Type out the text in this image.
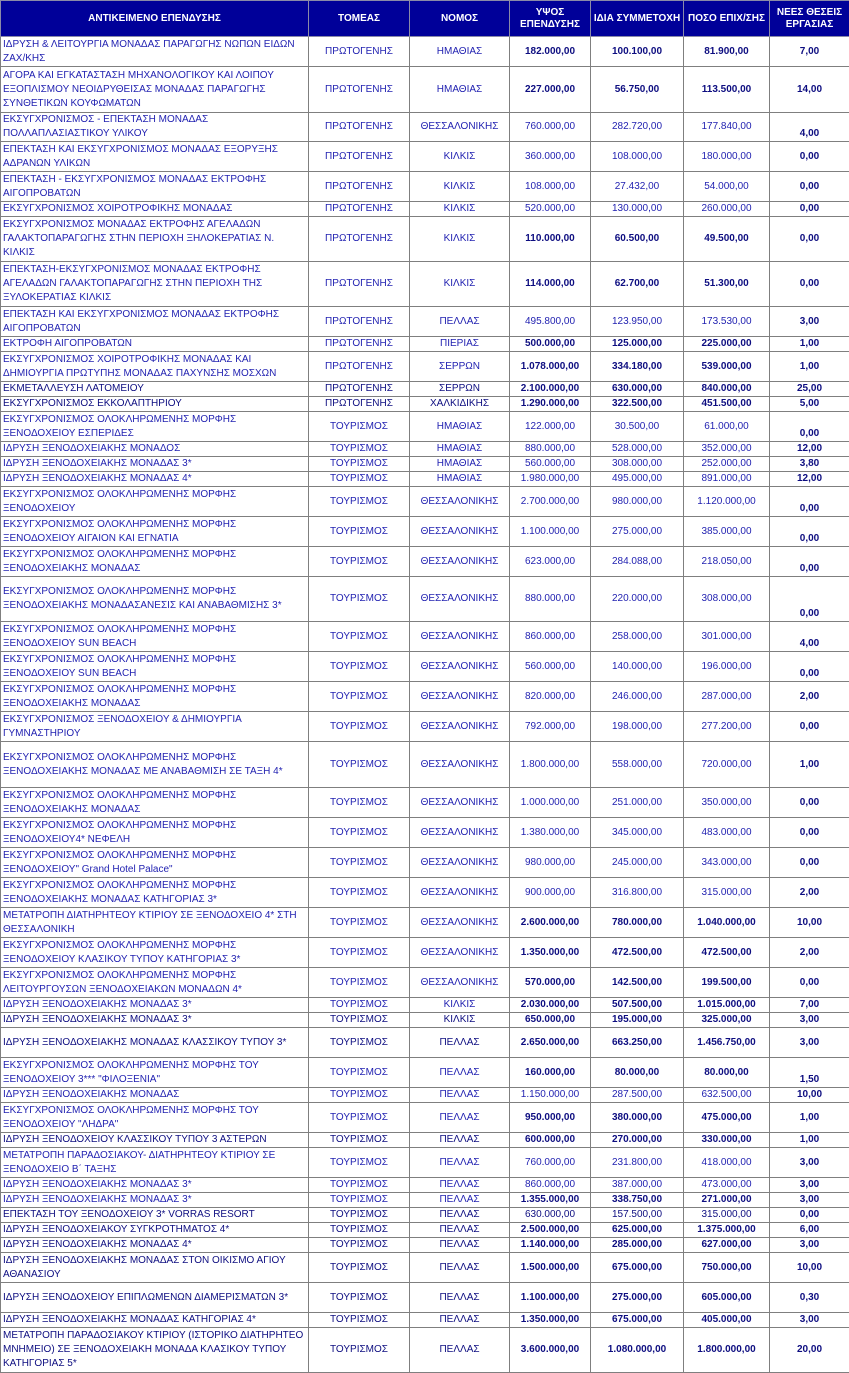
ΑΝΤΙΚΕΙΜΕΝΟ ΕΠΕΝΔΥΣΗΣ	ΤΟΜΕΑΣ	ΝΟΜΟΣ	ΥΨΟΣ ΕΠΕΝΔΥΣΗΣ	ΙΔΙΑ ΣΥΜΜΕΤΟΧΗ	ΠΟΣΟ ΕΠΙΧ/ΣΗΣ	ΝΕΕΣ ΘΕΣΕΙΣ ΕΡΓΑΣΙΑΣ
ΙΔΡΥΣΗ & ΛΕΙΤΟΥΡΓΙΑ ΜΟΝΑΔΑΣ ΠΑΡΑΓΩΓΗΣ ΝΩΠΩΝ ΕΙΔΩΝ ΖΑΧ/ΚΗΣ	ΠΡΩΤΟΓΕΝΗΣ	ΗΜΑΘΙΑΣ	182.000,00	100.100,00	81.900,00	7,00
ΑΓΟΡΑ ΚΑΙ ΕΓΚΑΤΑΣΤΑΣΗ ΜΗΧΑΝΟΛΟΓΙΚΟΥ ΚΑΙ ΛΟΙΠΟΥ ΕΞΟΠΛΙΣΜΟΥ ΝΕΟΙΔΡΥΘΕΙΣΑΣ ΜΟΝΑΔΑΣ ΠΑΡΑΓΩΓΗΣ ΣΥΝΘΕΤΙΚΩΝ ΚΟΥΦΩΜΑΤΩΝ	ΠΡΩΤΟΓΕΝΗΣ	ΗΜΑΘΙΑΣ	227.000,00	56.750,00	113.500,00	14,00
ΕΚΣΥΓΧΡΟΝΙΣΜΟΣ - ΕΠΕΚΤΑΣΗ ΜΟΝΑΔΑΣ ΠΟΛΛΑΠΛΑΣΙΑΣΤΙΚΟΥ ΥΛΙΚΟΥ	ΠΡΩΤΟΓΕΝΗΣ	ΘΕΣΣΑΛΟΝΙΚΗΣ	760.000,00	282.720,00	177.840,00	4,00
ΕΠΕΚΤΑΣΗ ΚΑΙ ΕΚΣΥΓΧΡΟΝΙΣΜΟΣ ΜΟΝΑΔΑΣ ΕΞΟΡΥΞΗΣ ΑΔΡΑΝΩΝ ΥΛΙΚΩΝ	ΠΡΩΤΟΓΕΝΗΣ	ΚΙΛΚΙΣ	360.000,00	108.000,00	180.000,00	0,00
ΕΠΕΚΤΑΣΗ - ΕΚΣΥΓΧΡΟΝΙΣΜΟΣ ΜΟΝΑΔΑΣ ΕΚΤΡΟΦΗΣ ΑΙΓΟΠΡΟΒΑΤΩΝ	ΠΡΩΤΟΓΕΝΗΣ	ΚΙΛΚΙΣ	108.000,00	27.432,00	54.000,00	0,00
ΕΚΣΥΓΧΡΟΝΙΣΜΟΣ ΧΟΙΡΟΤΡΟΦΙΚΗΣ ΜΟΝΑΔΑΣ	ΠΡΩΤΟΓΕΝΗΣ	ΚΙΛΚΙΣ	520.000,00	130.000,00	260.000,00	0,00
ΕΚΣΥΓΧΡΟΝΙΣΜΟΣ ΜΟΝΑΔΑΣ ΕΚΤΡΟΦΗΣ ΑΓΕΛΑΔΩΝ ΓΑΛΑΚΤΟΠΑΡΑΓΩΓΗΣ ΣΤΗΝ ΠΕΡΙΟΧΗ ΞΗΛΟΚΕΡΑΤΙΑΣ Ν. ΚΙΛΚΙΣ	ΠΡΩΤΟΓΕΝΗΣ	ΚΙΛΚΙΣ	110.000,00	60.500,00	49.500,00	0,00
ΕΠΕΚΤΑΣΗ-ΕΚΣΥΓΧΡΟΝΙΣΜΟΣ ΜΟΝΑΔΑΣ ΕΚΤΡΟΦΗΣ ΑΓΕΛΑΔΩΝ ΓΑΛΑΚΤΟΠΑΡΑΓΩΓΗΣ ΣΤΗΝ ΠΕΡΙΟΧΗ ΤΗΣ ΞΥΛΟΚΕΡΑΤΙΑΣ ΚΙΛΚΙΣ	ΠΡΩΤΟΓΕΝΗΣ	ΚΙΛΚΙΣ	114.000,00	62.700,00	51.300,00	0,00
ΕΠΕΚΤΑΣΗ ΚΑΙ ΕΚΣΥΓΧΡΟΝΙΣΜΟΣ ΜΟΝΑΔΑΣ ΕΚΤΡΟΦΗΣ ΑΙΓΟΠΡΟΒΑΤΩΝ	ΠΡΩΤΟΓΕΝΗΣ	ΠΕΛΛΑΣ	495.800,00	123.950,00	173.530,00	3,00
ΕΚΤΡΟΦΗ ΑΙΓΟΠΡΟΒΑΤΩΝ	ΠΡΩΤΟΓΕΝΗΣ	ΠΙΕΡΙΑΣ	500.000,00	125.000,00	225.000,00	1,00
ΕΚΣΥΓΧΡΟΝΙΣΜΟΣ ΧΟΙΡΟΤΡΟΦΙΚΗΣ ΜΟΝΑΔΑΣ ΚΑΙ ΔΗΜΙΟΥΡΓΙΑ ΠΡΩΤΥΠΗΣ ΜΟΝΑΔΑΣ ΠΑΧΥΝΣΗΣ ΜΟΣΧΩΝ	ΠΡΩΤΟΓΕΝΗΣ	ΣΕΡΡΩΝ	1.078.000,00	334.180,00	539.000,00	1,00
ΕΚΜΕΤΑΛΛΕΥΣΗ ΛΑΤΟΜΕΙΟΥ	ΠΡΩΤΟΓΕΝΗΣ	ΣΕΡΡΩΝ	2.100.000,00	630.000,00	840.000,00	25,00
ΕΚΣΥΓΧΡΟΝΙΣΜΟΣ ΕΚΚΟΛΑΠΤΗΡΙΟΥ	ΠΡΩΤΟΓΕΝΗΣ	ΧΑΛΚΙΔΙΚΗΣ	1.290.000,00	322.500,00	451.500,00	5,00
ΕΚΣΥΓΧΡΟΝΙΣΜΟΣ ΟΛΟΚΛΗΡΩΜΕΝΗΣ ΜΟΡΦΗΣ ΞΕΝΟΔΟΧΕΙΟΥ ΕΣΠΕΡΙΔΕΣ	ΤΟΥΡΙΣΜΟΣ	ΗΜΑΘΙΑΣ	122.000,00	30.500,00	61.000,00	0,00
ΙΔΡΥΣΗ ΞΕΝΟΔΟΧΕΙΑΚΗΣ ΜΟΝΑΔΟΣ	ΤΟΥΡΙΣΜΟΣ	ΗΜΑΘΙΑΣ	880.000,00	528.000,00	352.000,00	12,00
ΙΔΡΥΣΗ ΞΕΝΟΔΟΧΕΙΑΚΗΣ ΜΟΝΑΔΑΣ 3*	ΤΟΥΡΙΣΜΟΣ	ΗΜΑΘΙΑΣ	560.000,00	308.000,00	252.000,00	3,80
ΙΔΡΥΣΗ ΞΕΝΟΔΟΧΕΙΑΚΗΣ ΜΟΝΑΔΑΣ 4*	ΤΟΥΡΙΣΜΟΣ	ΗΜΑΘΙΑΣ	1.980.000,00	495.000,00	891.000,00	12,00
ΕΚΣΥΓΧΡΟΝΙΣΜΟΣ ΟΛΟΚΛΗΡΩΜΕΝΗΣ ΜΟΡΦΗΣ ΞΕΝΟΔΟΧΕΙΟΥ	ΤΟΥΡΙΣΜΟΣ	ΘΕΣΣΑΛΟΝΙΚΗΣ	2.700.000,00	980.000,00	1.120.000,00	0,00
ΕΚΣΥΓΧΡΟΝΙΣΜΟΣ ΟΛΟΚΛΗΡΩΜΕΝΗΣ ΜΟΡΦΗΣ ΞΕΝΟΔΟΧΕΙΟΥ ΑΙΓΑΙΟΝ ΚΑΙ ΕΓΝΑΤΙΑ	ΤΟΥΡΙΣΜΟΣ	ΘΕΣΣΑΛΟΝΙΚΗΣ	1.100.000,00	275.000,00	385.000,00	0,00
ΕΚΣΥΓΧΡΟΝΙΣΜΟΣ ΟΛΟΚΛΗΡΩΜΕΝΗΣ ΜΟΡΦΗΣ ΞΕΝΟΔΟΧΕΙΑΚΗΣ ΜΟΝΑΔΑΣ	ΤΟΥΡΙΣΜΟΣ	ΘΕΣΣΑΛΟΝΙΚΗΣ	623.000,00	284.088,00	218.050,00	0,00
ΕΚΣΥΓΧΡΟΝΙΣΜΟΣ ΟΛΟΚΛΗΡΩΜΕΝΗΣ ΜΟΡΦΗΣ ΞΕΝΟΔΟΧΕΙΑΚΗΣ ΜΟΝΑΔΑΣΑΝΕΣΙΣ ΚΑΙ ΑΝΑΒΑΘΜΙΣΗΣ 3*	ΤΟΥΡΙΣΜΟΣ	ΘΕΣΣΑΛΟΝΙΚΗΣ	880.000,00	220.000,00	308.000,00	0,00
ΕΚΣΥΓΧΡΟΝΙΣΜΟΣ ΟΛΟΚΛΗΡΩΜΕΝΗΣ ΜΟΡΦΗΣ ΞΕΝΟΔΟΧΕΙΟΥ SUN BEACH	ΤΟΥΡΙΣΜΟΣ	ΘΕΣΣΑΛΟΝΙΚΗΣ	860.000,00	258.000,00	301.000,00	4,00
ΕΚΣΥΓΧΡΟΝΙΣΜΟΣ ΟΛΟΚΛΗΡΩΜΕΝΗΣ ΜΟΡΦΗΣ ΞΕΝΟΔΟΧΕΙΟΥ SUN BEACH	ΤΟΥΡΙΣΜΟΣ	ΘΕΣΣΑΛΟΝΙΚΗΣ	560.000,00	140.000,00	196.000,00	0,00
ΕΚΣΥΓΧΡΟΝΙΣΜΟΣ ΟΛΟΚΛΗΡΩΜΕΝΗΣ ΜΟΡΦΗΣ ΞΕΝΟΔΟΧΕΙΑΚΗΣ ΜΟΝΑΔΑΣ	ΤΟΥΡΙΣΜΟΣ	ΘΕΣΣΑΛΟΝΙΚΗΣ	820.000,00	246.000,00	287.000,00	2,00
ΕΚΣΥΓΧΡΟΝΙΣΜΟΣ ΞΕΝΟΔΟΧΕΙΟΥ & ΔΗΜΙΟΥΡΓΙΑ ΓΥΜΝΑΣΤΗΡΙΟΥ	ΤΟΥΡΙΣΜΟΣ	ΘΕΣΣΑΛΟΝΙΚΗΣ	792.000,00	198.000,00	277.200,00	0,00
ΕΚΣΥΓΧΡΟΝΙΣΜΟΣ ΟΛΟΚΛΗΡΩΜΕΝΗΣ ΜΟΡΦΗΣ ΞΕΝΟΔΟΧΕΙΑΚΗΣ ΜΟΝΑΔΑΣ ΜΕ ΑΝΑΒΑΘΜΙΣΗ ΣΕ ΤΑΞΗ 4*	ΤΟΥΡΙΣΜΟΣ	ΘΕΣΣΑΛΟΝΙΚΗΣ	1.800.000,00	558.000,00	720.000,00	1,00
ΕΚΣΥΓΧΡΟΝΙΣΜΟΣ ΟΛΟΚΛΗΡΩΜΕΝΗΣ ΜΟΡΦΗΣ ΞΕΝΟΔΟΧΕΙΑΚΗΣ ΜΟΝΑΔΑΣ	ΤΟΥΡΙΣΜΟΣ	ΘΕΣΣΑΛΟΝΙΚΗΣ	1.000.000,00	251.000,00	350.000,00	0,00
ΕΚΣΥΓΧΡΟΝΙΣΜΟΣ ΟΛΟΚΛΗΡΩΜΕΝΗΣ ΜΟΡΦΗΣ ΞΕΝΟΔΟΧΕΙΟΥ4* ΝΕΦΕΛΗ	ΤΟΥΡΙΣΜΟΣ	ΘΕΣΣΑΛΟΝΙΚΗΣ	1.380.000,00	345.000,00	483.000,00	0,00
ΕΚΣΥΓΧΡΟΝΙΣΜΟΣ ΟΛΟΚΛΗΡΩΜΕΝΗΣ ΜΟΡΦΗΣ ΞΕΝΟΔΟΧΕΙΟΥ" Grand Hotel Palace"	ΤΟΥΡΙΣΜΟΣ	ΘΕΣΣΑΛΟΝΙΚΗΣ	980.000,00	245.000,00	343.000,00	0,00
ΕΚΣΥΓΧΡΟΝΙΣΜΟΣ ΟΛΟΚΛΗΡΩΜΕΝΗΣ ΜΟΡΦΗΣ ΞΕΝΟΔΟΧΕΙΑΚΗΣ ΜΟΝΑΔΑΣ ΚΑΤΗΓΟΡΙΑΣ 3*	ΤΟΥΡΙΣΜΟΣ	ΘΕΣΣΑΛΟΝΙΚΗΣ	900.000,00	316.800,00	315.000,00	2,00
ΜΕΤΑΤΡΟΠΗ ΔΙΑΤΗΡΗΤΕΟΥ ΚΤΙΡΙΟΥ ΣΕ ΞΕΝΟΔΟΧΕΙΟ 4* ΣΤΗ ΘΕΣΣΑΛΟΝΙΚΗ	ΤΟΥΡΙΣΜΟΣ	ΘΕΣΣΑΛΟΝΙΚΗΣ	2.600.000,00	780.000,00	1.040.000,00	10,00
ΕΚΣΥΓΧΡΟΝΙΣΜΟΣ ΟΛΟΚΛΗΡΩΜΕΝΗΣ ΜΟΡΦΗΣ ΞΕΝΟΔΟΧΕΙΟΥ ΚΛΑΣΙΚΟΥ ΤΥΠΟΥ ΚΑΤΗΓΟΡΙΑΣ 3*	ΤΟΥΡΙΣΜΟΣ	ΘΕΣΣΑΛΟΝΙΚΗΣ	1.350.000,00	472.500,00	472.500,00	2,00
ΕΚΣΥΓΧΡΟΝΙΣΜΟΣ ΟΛΟΚΛΗΡΩΜΕΝΗΣ ΜΟΡΦΗΣ ΛΕΙΤΟΥΡΓΟΥΣΩΝ ΞΕΝΟΔΟΧΕΙΑΚΩΝ ΜΟΝΑΔΩΝ 4*	ΤΟΥΡΙΣΜΟΣ	ΘΕΣΣΑΛΟΝΙΚΗΣ	570.000,00	142.500,00	199.500,00	0,00
ΙΔΡΥΣΗ ΞΕΝΟΔΟΧΕΙΑΚΗΣ ΜΟΝΑΔΑΣ 3*	ΤΟΥΡΙΣΜΟΣ	ΚΙΛΚΙΣ	2.030.000,00	507.500,00	1.015.000,00	7,00
ΙΔΡΥΣΗ ΞΕΝΟΔΟΧΕΙΑΚΗΣ ΜΟΝΑΔΑΣ 3*	ΤΟΥΡΙΣΜΟΣ	ΚΙΛΚΙΣ	650.000,00	195.000,00	325.000,00	3,00
ΙΔΡΥΣΗ ΞΕΝΟΔΟΧΕΙΑΚΗΣ ΜΟΝΑΔΑΣ ΚΛΑΣΣΙΚΟΥ ΤΥΠΟΥ 3*	ΤΟΥΡΙΣΜΟΣ	ΠΕΛΛΑΣ	2.650.000,00	663.250,00	1.456.750,00	3,00
ΕΚΣΥΓΧΡΟΝΙΣΜΟΣ ΟΛΟΚΛΗΡΩΜΕΝΗΣ ΜΟΡΦΗΣ ΤΟΥ ΞΕΝΟΔΟΧΕΙΟΥ 3*** "ΦΙΛΟΞΕΝΙΑ"	ΤΟΥΡΙΣΜΟΣ	ΠΕΛΛΑΣ	160.000,00	80.000,00	80.000,00	1,50
ΙΔΡΥΣΗ ΞΕΝΟΔΟΧΕΙΑΚΗΣ ΜΟΝΑΔΑΣ	ΤΟΥΡΙΣΜΟΣ	ΠΕΛΛΑΣ	1.150.000,00	287.500,00	632.500,00	10,00
ΕΚΣΥΓΧΡΟΝΙΣΜΟΣ ΟΛΟΚΛΗΡΩΜΕΝΗΣ ΜΟΡΦΗΣ ΤΟΥ ΞΕΝΟΔΟΧΕΙΟΥ "ΛΗΔΡΑ"	ΤΟΥΡΙΣΜΟΣ	ΠΕΛΛΑΣ	950.000,00	380.000,00	475.000,00	1,00
ΙΔΡΥΣΗ ΞΕΝΟΔΟΧΕΙΟΥ ΚΛΑΣΣΙΚΟΥ ΤΥΠΟΥ 3 ΑΣΤΕΡΩΝ	ΤΟΥΡΙΣΜΟΣ	ΠΕΛΛΑΣ	600.000,00	270.000,00	330.000,00	1,00
ΜΕΤΑΤΡΟΠΗ ΠΑΡΑΔΟΣΙΑΚΟΥ- ΔΙΑΤΗΡΗΤΕΟΥ ΚΤΙΡΙΟΥ ΣΕ ΞΕΝΟΔΟΧΕΙΟ Β΄ ΤΑΞΗΣ	ΤΟΥΡΙΣΜΟΣ	ΠΕΛΛΑΣ	760.000,00	231.800,00	418.000,00	3,00
ΙΔΡΥΣΗ ΞΕΝΟΔΟΧΕΙΑΚΗΣ ΜΟΝΑΔΑΣ 3*	ΤΟΥΡΙΣΜΟΣ	ΠΕΛΛΑΣ	860.000,00	387.000,00	473.000,00	3,00
ΙΔΡΥΣΗ ΞΕΝΟΔΟΧΕΙΑΚΗΣ ΜΟΝΑΔΑΣ 3*	ΤΟΥΡΙΣΜΟΣ	ΠΕΛΛΑΣ	1.355.000,00	338.750,00	271.000,00	3,00
ΕΠΕΚΤΑΣΗ ΤΟΥ ΞΕΝΟΔΟΧΕΙΟΥ 3* VORRAS RESORT	ΤΟΥΡΙΣΜΟΣ	ΠΕΛΛΑΣ	630.000,00	157.500,00	315.000,00	0,00
ΙΔΡΥΣΗ ΞΕΝΟΔΟΧΕΙΑΚΟΥ ΣΥΓΚΡΟΤΗΜΑΤΟΣ 4*	ΤΟΥΡΙΣΜΟΣ	ΠΕΛΛΑΣ	2.500.000,00	625.000,00	1.375.000,00	6,00
ΙΔΡΥΣΗ ΞΕΝΟΔΟΧΕΙΑΚΗΣ ΜΟΝΑΔΑΣ 4*	ΤΟΥΡΙΣΜΟΣ	ΠΕΛΛΑΣ	1.140.000,00	285.000,00	627.000,00	3,00
ΙΔΡΥΣΗ ΞΕΝΟΔΟΧΕΙΑΚΗΣ ΜΟΝΑΔΑΣ ΣΤΟΝ ΟΙΚΙΣΜΟ ΑΓΙΟΥ ΑΘΑΝΑΣΙΟΥ	ΤΟΥΡΙΣΜΟΣ	ΠΕΛΛΑΣ	1.500.000,00	675.000,00	750.000,00	10,00
ΙΔΡΥΣΗ ΞΕΝΟΔΟΧΕΙΟΥ ΕΠΙΠΛΩΜΕΝΩΝ ΔΙΑΜΕΡΙΣΜΑΤΩΝ 3*	ΤΟΥΡΙΣΜΟΣ	ΠΕΛΛΑΣ	1.100.000,00	275.000,00	605.000,00	0,30
ΙΔΡΥΣΗ ΞΕΝΟΔΟΧΕΙΑΚΗΣ ΜΟΝΑΔΑΣ ΚΑΤΗΓΟΡΙΑΣ 4*	ΤΟΥΡΙΣΜΟΣ	ΠΕΛΛΑΣ	1.350.000,00	675.000,00	405.000,00	3,00
ΜΕΤΑΤΡΟΠΗ ΠΑΡΑΔΟΣΙΑΚΟΥ ΚΤΙΡΙΟΥ (ΙΣΤΟΡΙΚΟ ΔΙΑΤΗΡΗΤΕΟ ΜΝΗΜΕΙΟ) ΣΕ ΞΕΝΟΔΟΧΕΙΑΚΗ ΜΟΝΑΔΑ ΚΛΑΣΙΚΟΥ ΤΥΠΟΥ ΚΑΤΗΓΟΡΙΑΣ 5*	ΤΟΥΡΙΣΜΟΣ	ΠΕΛΛΑΣ	3.600.000,00	1.080.000,00	1.800.000,00	20,00
